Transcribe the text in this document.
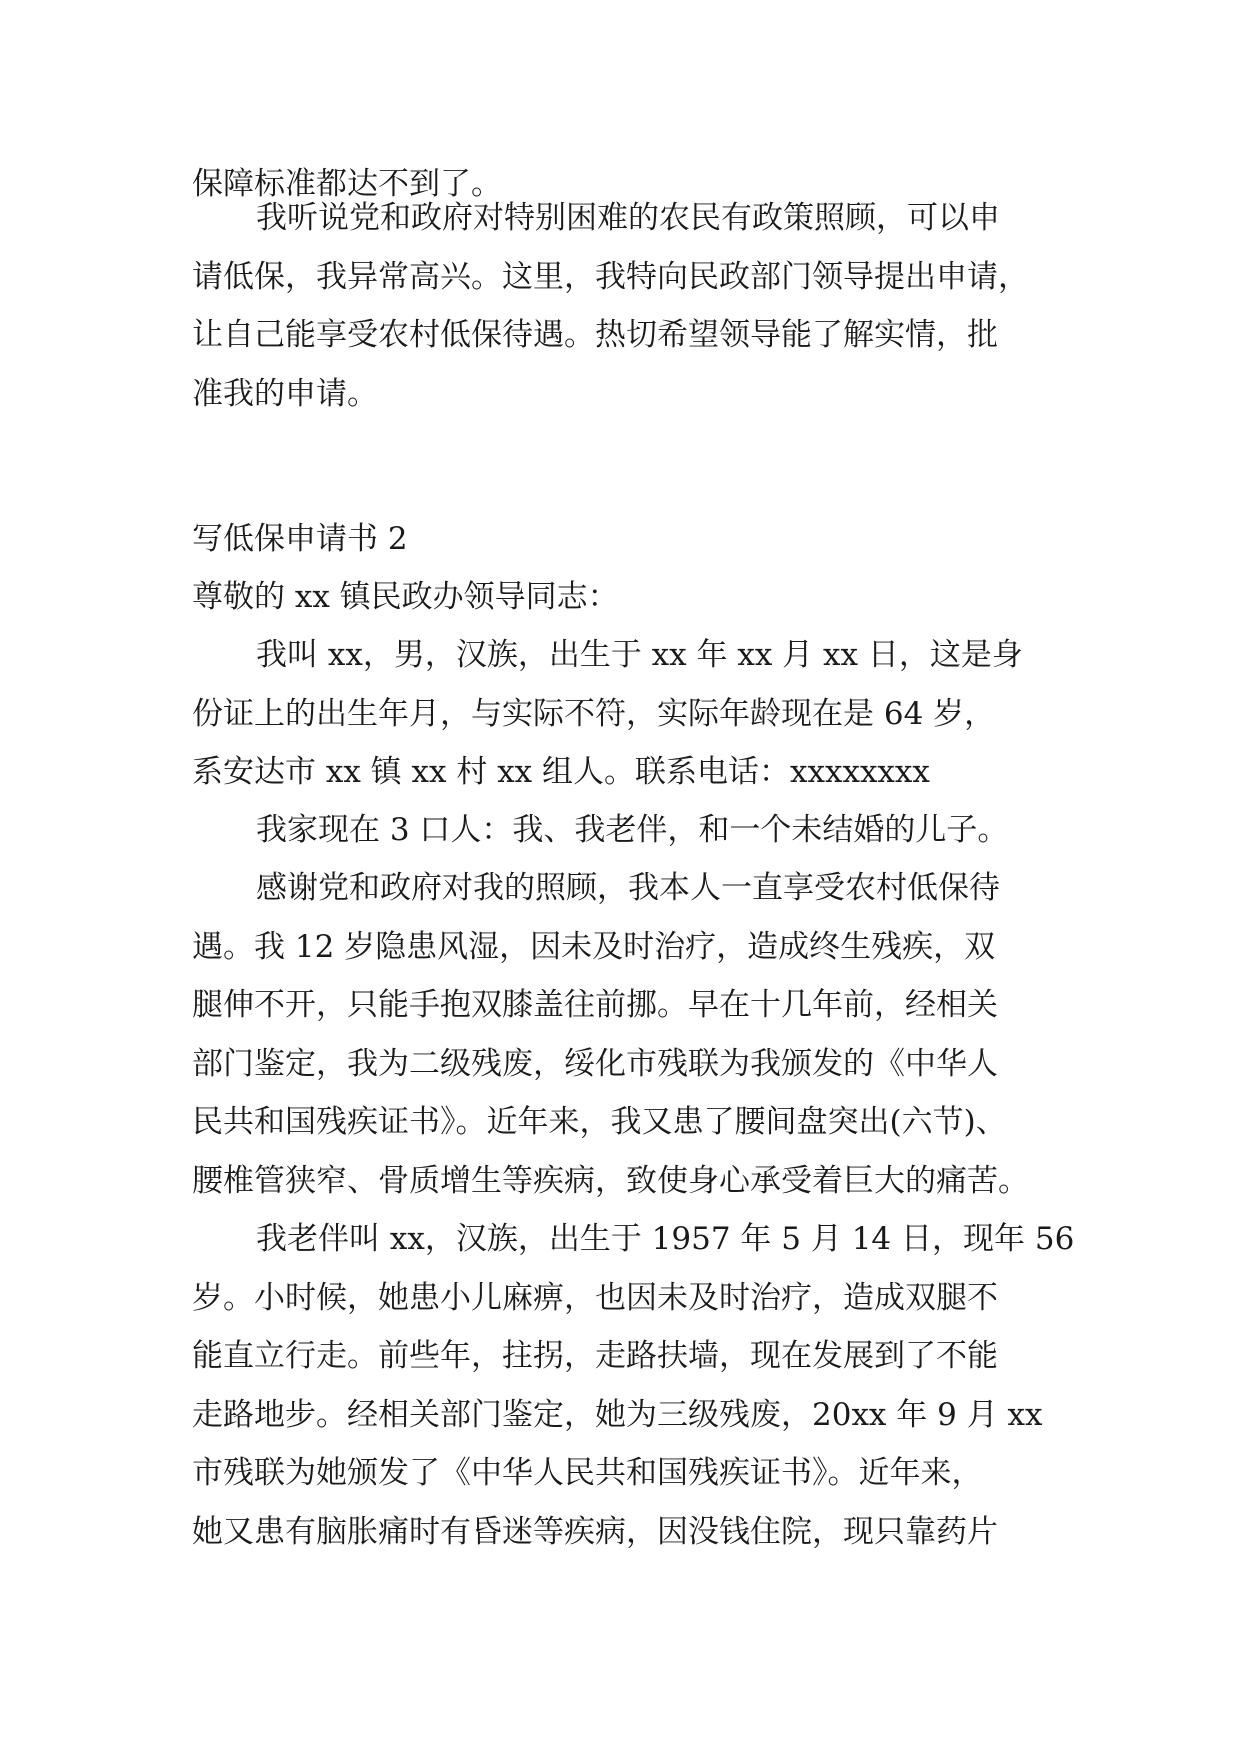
保障标准都达不到了。
我听说党和政府对特别困难的农民有政策照顾，可以申
请低保，我异常高兴。这里，我特向民政部门领导提出申请，
让自己能享受农村低保待遇。热切希望领导能了解实情，批
准我的申请。
写低保申请书 2
尊敬的 xx 镇民政办领导同志：
我叫 xx，男，汉族，出生于 xx 年 xx 月 xx 日，这是身
份证上的出生年月，与实际不符，实际年龄现在是 64 岁，
系安达市 xx 镇 xx 村 xx 组人。联系电话：xxxxxxxx
我家现在 3 口人：我、我老伴，和一个未结婚的儿子。
感谢党和政府对我的照顾，我本人一直享受农村低保待
遇。我 12 岁隐患风湿，因未及时治疗，造成终生残疾，双
腿伸不开，只能手抱双膝盖往前挪。早在十几年前，经相关
部门鉴定，我为二级残废，绥化市残联为我颁发的《中华人
民共和国残疾证书》。近年来，我又患了腰间盘突出(六节)、
腰椎管狭窄、骨质增生等疾病，致使身心承受着巨大的痛苦。
我老伴叫 xx，汉族，出生于 1957 年 5 月 14 日，现年 56
岁。小时候，她患小儿麻痹，也因未及时治疗，造成双腿不
能直立行走。前些年，拄拐，走路扶墙，现在发展到了不能
走路地步。经相关部门鉴定，她为三级残废，20xx 年 9 月 xx
市残联为她颁发了《中华人民共和国残疾证书》。近年来，
她又患有脑胀痛时有昏迷等疾病，因没钱住院，现只靠药片
